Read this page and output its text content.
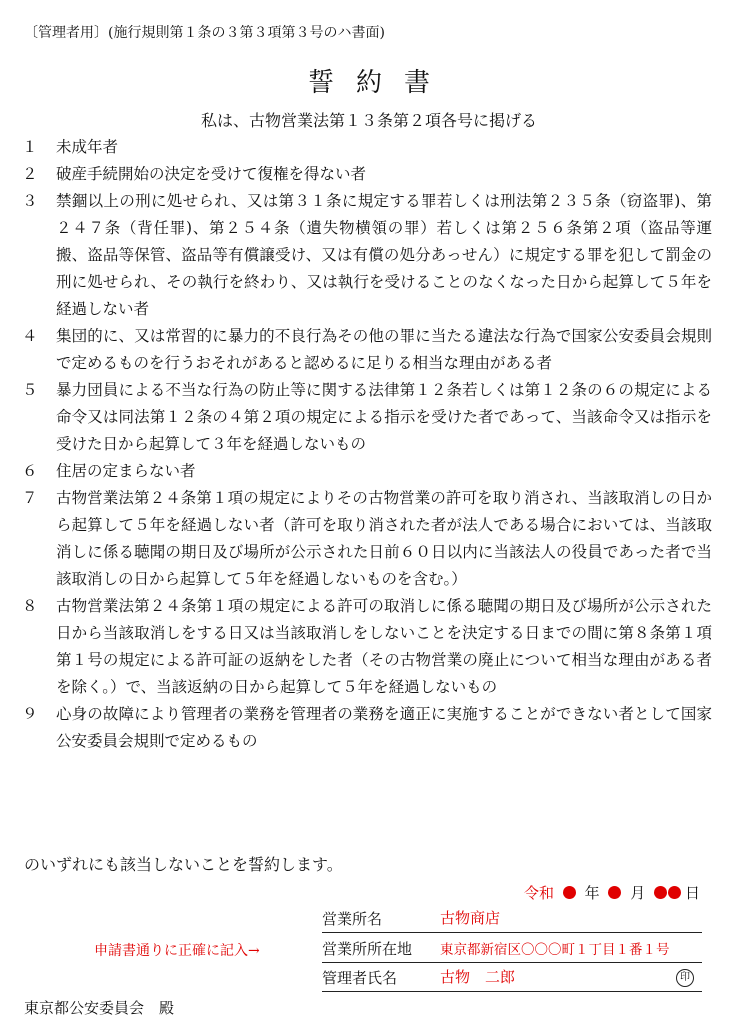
〔管理者用〕(施行規則第１条の３第３項第３号のハ書面)
誓約書
私は、古物営業法第１３条第２項各号に掲げる
１	未成年者
２	破産手続開始の決定を受けて復権を得ない者
３	禁錮以上の刑に処せられ、又は第３１条に規定する罪若しくは刑法第２３５条（窃盗罪)、第２４７条（背任罪)、第２５４条（遺失物横領の罪）若しくは第２５６条第２項（盗品等運搬、盗品等保管、盗品等有償譲受け、又は有償の処分あっせん）に規定する罪を犯して罰金の刑に処せられ、その執行を終わり、又は執行を受けることのなくなった日から起算して５年を経過しない者
４	集団的に、又は常習的に暴力的不良行為その他の罪に当たる違法な行為で国家公安委員会規則で定めるものを行うおそれがあると認めるに足りる相当な理由がある者
５	暴力団員による不当な行為の防止等に関する法律第１２条若しくは第１２条の６の規定による命令又は同法第１２条の４第２項の規定による指示を受けた者であって、当該命令又は指示を受けた日から起算して３年を経過しないもの
６	住居の定まらない者
７	古物営業法第２４条第１項の規定によりその古物営業の許可を取り消され、当該取消しの日から起算して５年を経過しない者（許可を取り消された者が法人である場合においては、当該取消しに係る聴聞の期日及び場所が公示された日前６０日以内に当該法人の役員であった者で当該取消しの日から起算して５年を経過しないものを含む。）
８	古物営業法第２４条第１項の規定による許可の取消しに係る聴聞の期日及び場所が公示された日から当該取消しをする日又は当該取消しをしないことを決定する日までの間に第８条第１項第１号の規定による許可証の返納をした者（その古物営業の廃止について相当な理由がある者を除く。）で、当該返納の日から起算して５年を経過しないもの
９	心身の故障により管理者の業務を管理者の業務を適正に実施することができない者として国家公安委員会規則で定めるもの
のいずれにも該当しないことを誓約します。
令和 年 月	日
申請書通りに正確に記入→
営業所名	古物商店
営業所所在地 東京都新宿区〇〇〇町１丁目１番１号
管理者氏名	古物　二郎	印
東京都公安委員会　殿
